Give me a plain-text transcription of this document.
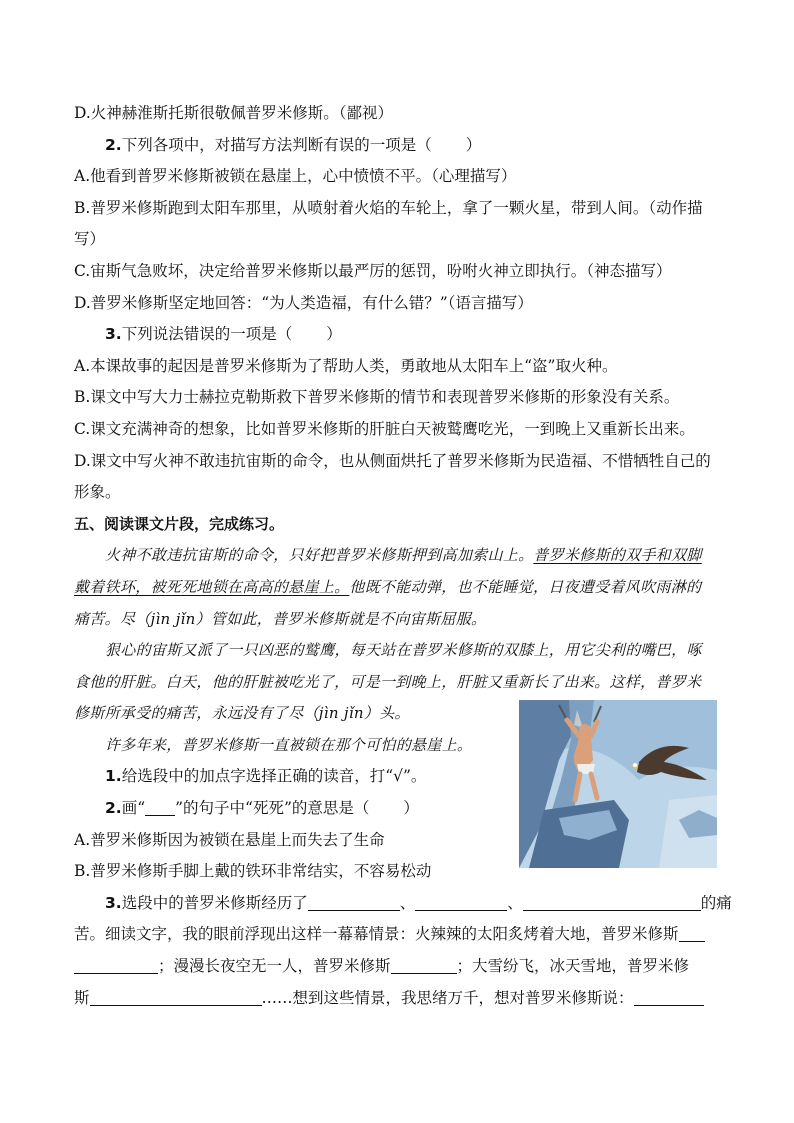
D.火神赫淮斯托斯很敬佩普罗米修斯。（鄙视）
2.下列各项中，对描写方法判断有误的一项是（ ）
A.他看到普罗米修斯被锁在悬崖上，心中愤愤不平。（心理描写）
B.普罗米修斯跑到太阳车那里，从喷射着火焰的车轮上，拿了一颗火星，带到人间。（动作描
写）
C.宙斯气急败坏，决定给普罗米修斯以最严厉的惩罚，吩咐火神立即执行。（神态描写）
D.普罗米修斯坚定地回答：“为人类造福，有什么错？”（语言描写）
3.下列说法错误的一项是（ ）
A.本课故事的起因是普罗米修斯为了帮助人类，勇敢地从太阳车上“盗”取火种。
B.课文中写大力士赫拉克勒斯救下普罗米修斯的情节和表现普罗米修斯的形象没有关系。
C.课文充满神奇的想象，比如普罗米修斯的肝脏白天被鹫鹰吃光，一到晚上又重新长出来。
D.课文中写火神不敢违抗宙斯的命令，也从侧面烘托了普罗米修斯为民造福、不惜牺牲自己的
形象。
五、阅读课文片段，完成练习。
火神不敢违抗宙斯的命令，只好把普罗米修斯押到高加索山上。普罗米修斯的双手和双脚
戴着铁环，被死死地锁在高高的悬崖上。他既不能动弹，也不能睡觉，日夜遭受着风吹雨淋的
痛苦。尽（jìn jǐn）管如此，普罗米修斯就是不向宙斯屈服。
狠心的宙斯又派了一只凶恶的鹫鹰，每天站在普罗米修斯的双膝上，用它尖利的嘴巴，啄
食他的肝脏。白天，他的肝脏被吃光了，可是一到晚上，肝脏又重新长了出来。这样，普罗米
修斯所承受的痛苦，永远没有了尽（jìn jǐn）头。
许多年来，普罗米修斯一直被锁在那个可怕的悬崖上。
1.给选段中的加点字选择正确的读音，打“√”。
2.画“ ”的句子中“死死”的意思是（ ）
A.普罗米修斯因为被锁在悬崖上而失去了生命
B.普罗米修斯手脚上戴的铁环非常结实，不容易松动
3.选段中的普罗米修斯经历了	、	、	的痛
苦。细读文字，我的眼前浮现出这样一幕幕情景：火辣辣的太阳炙烤着大地，普罗米修斯
；漫漫长夜空无一人，普罗米修斯	；大雪纷飞，冰天雪地，普罗米修
斯	……想到这些情景，我思绪万千，想对普罗米修斯说：
